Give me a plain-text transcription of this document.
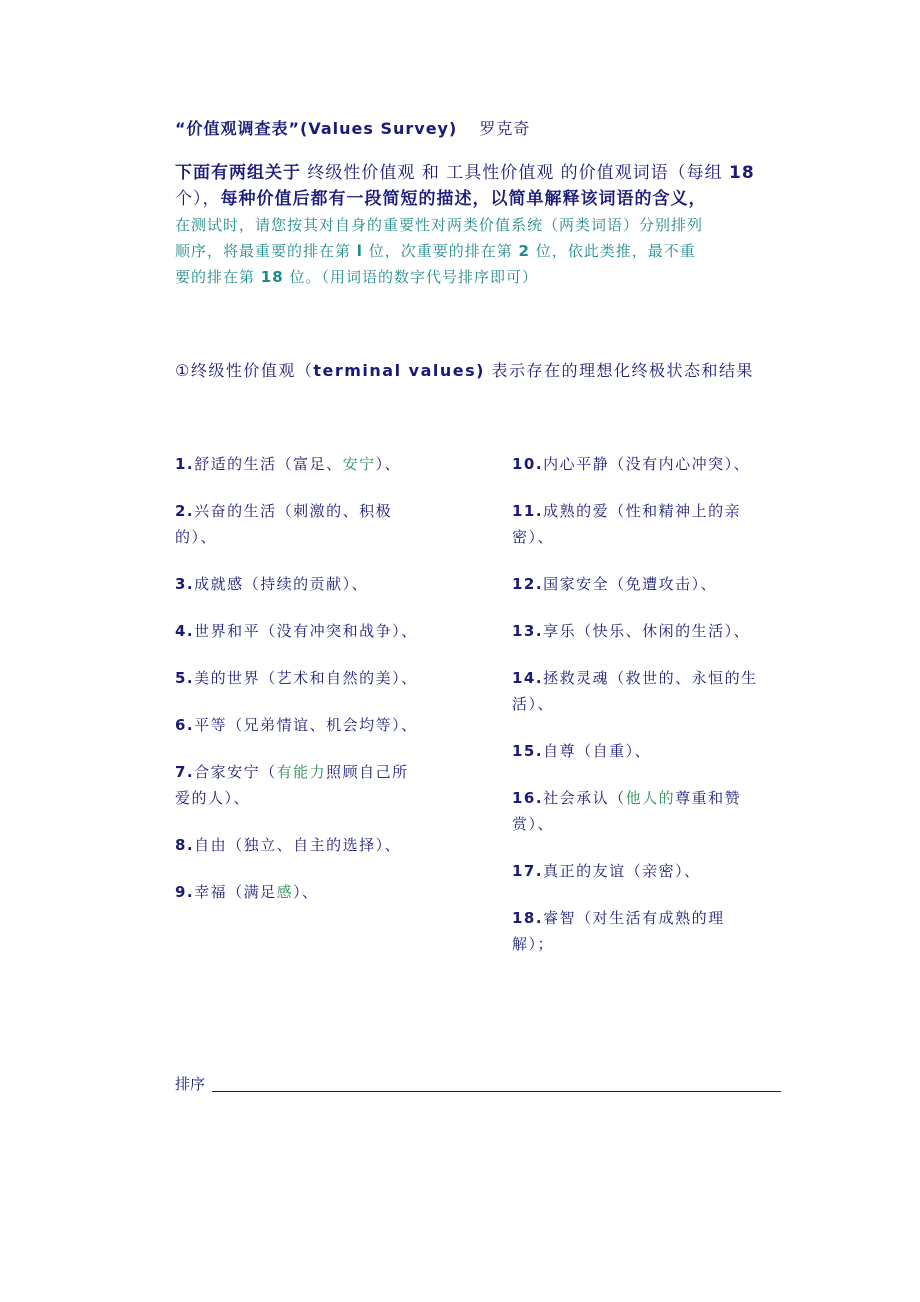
“价值观调查表”(Values Survey) 罗克奇
下面有两组关于 终级性价值观 和 工具性价值观 的价值观词语（每组 18
个），每种价值后都有一段简短的描述，以简单解释该词语的含义，
在测试时，请您按其对自身的重要性对两类价值系统（两类词语）分别排列
顺序，将最重要的排在第 l 位，次重要的排在第 2 位，依此类推，最不重
要的排在第 18 位。（用词语的数字代号排序即可）
①终级性价值观（terminal values) 表示存在的理想化终极状态和结果
1.舒适的生活（富足、安宁）、
2.兴奋的生活（刺激的、积极
的）、
3.成就感（持续的贡献）、
4.世界和平（没有冲突和战争）、
5.美的世界（艺术和自然的美）、
6.平等（兄弟情谊、机会均等）、
7.合家安宁（有能力照顾自己所
爱的人）、
8.自由（独立、自主的选择）、
9.幸福（满足感）、
10.内心平静（没有内心冲突）、
11.成熟的爱（性和精神上的亲
密）、
12.国家安全（免遭攻击）、
13.享乐（快乐、休闲的生活）、
14.拯救灵魂（救世的、永恒的生
活）、
15.自尊（自重）、
16.社会承认（他人的尊重和赞
赏）、
17.真正的友谊（亲密）、
18.睿智（对生活有成熟的理
解）；
排序
